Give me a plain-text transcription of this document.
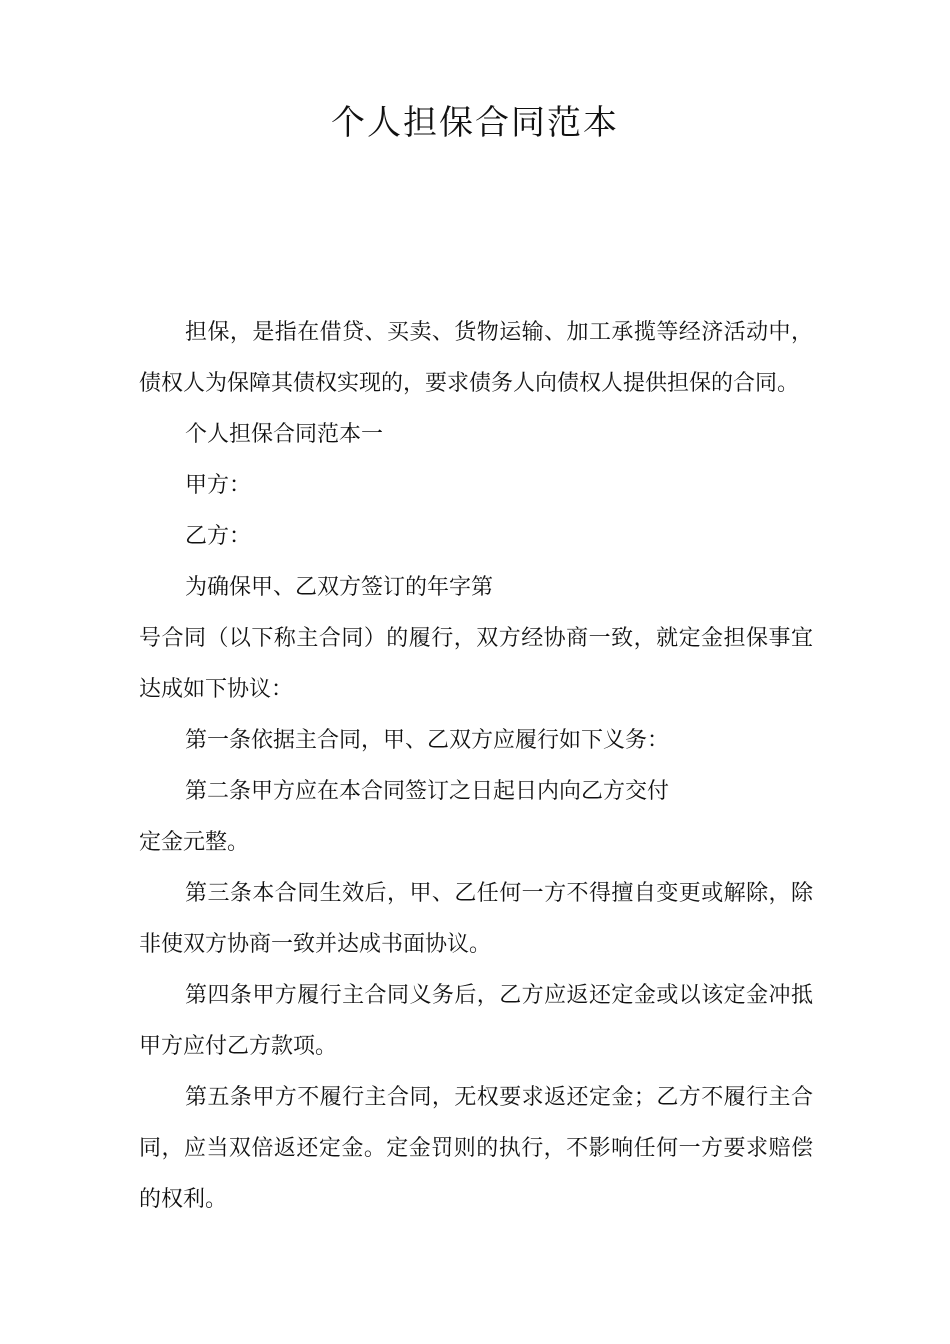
个人担保合同范本
担保，是指在借贷、买卖、货物运输、加工承揽等经济活动中，
债权人为保障其债权实现的，要求债务人向债权人提供担保的合同。
个人担保合同范本一
甲方：
乙方：
为确保甲、乙双方签订的年字第
号合同（以下称主合同）的履行，双方经协商一致，就定金担保事宜
达成如下协议：
第一条依据主合同，甲、乙双方应履行如下义务：
第二条甲方应在本合同签订之日起日内向乙方交付
定金元整。
第三条本合同生效后，甲、乙任何一方不得擅自变更或解除，除
非使双方协商一致并达成书面协议。
第四条甲方履行主合同义务后，乙方应返还定金或以该定金冲抵
甲方应付乙方款项。
第五条甲方不履行主合同，无权要求返还定金；乙方不履行主合
同，应当双倍返还定金。定金罚则的执行，不影响任何一方要求赔偿
的权利。
